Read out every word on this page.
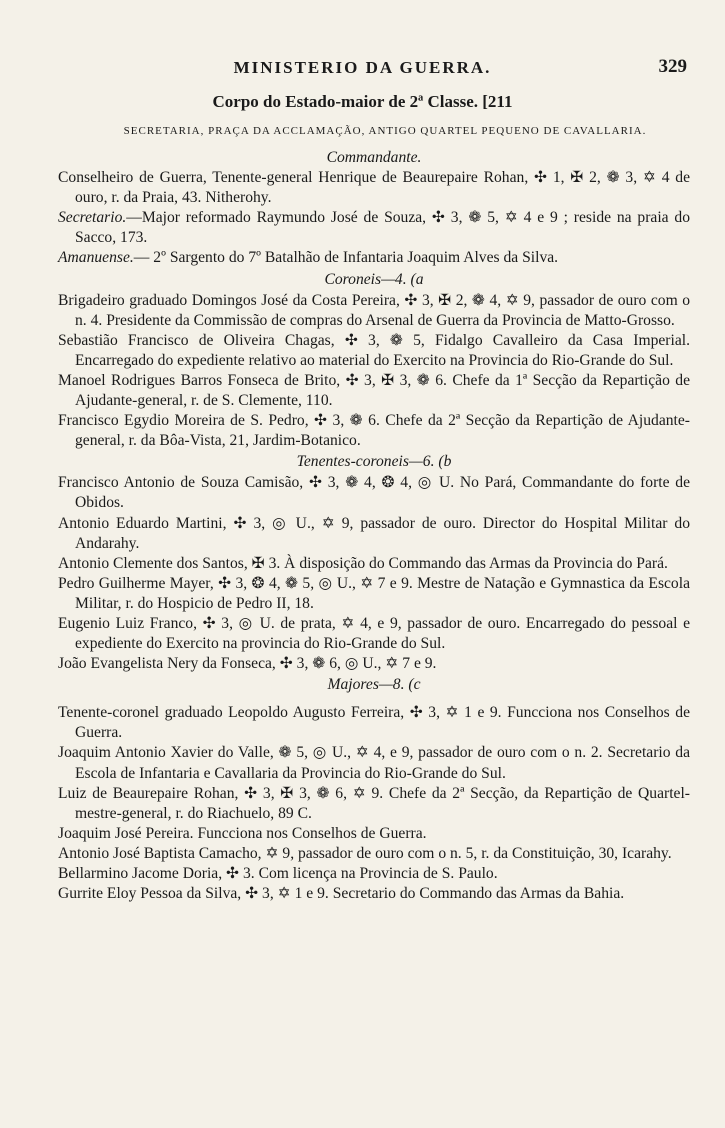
MINISTERIO DA GUERRA.	329
Corpo do Estado-maior de 2ª Classe. [211
SECRETARIA, PRAÇA DA ACCLAMAÇÃO, ANTIGO QUARTEL PEQUENO DE CAVALLARIA.
Commandante.
Conselheiro de Guerra, Tenente-general Henrique de Beaurepaire Rohan, ✣ 1, ✠ 2, ❁ 3, ✡ 4 de ouro, r. da Praia, 43. Nitherohy.
Secretario.—Major reformado Raymundo José de Souza, ✣ 3, ❁ 5, ✡ 4 e 9 ; reside na praia do Sacco, 173.
Amanuense.— 2º Sargento do 7º Batalhão de Infantaria Joaquim Alves da Silva.
Coroneis—4. (a
Brigadeiro graduado Domingos José da Costa Pereira, ✣ 3, ✠ 2, ❁ 4, ✡ 9, passador de ouro com o n. 4. Presidente da Commissão de compras do Arsenal de Guerra da Provincia de Matto-Grosso.
Sebastião Francisco de Oliveira Chagas, ✣ 3, ❁ 5, Fidalgo Cavalleiro da Casa Imperial. Encarregado do expediente relativo ao material do Exercito na Provincia do Rio-Grande do Sul.
Manoel Rodrigues Barros Fonseca de Brito, ✣ 3, ✠ 3, ❁ 6. Chefe da 1ª Secção da Repartição de Ajudante-general, r. de S. Clemente, 110.
Francisco Egydio Moreira de S. Pedro, ✣ 3, ❁ 6. Chefe da 2ª Secção da Repartição de Ajudante-general, r. da Bôa-Vista, 21, Jardim-Botanico.
Tenentes-coroneis—6. (b
Francisco Antonio de Souza Camisão, ✣ 3, ❁ 4, ❂ 4, ◎ U. No Pará, Commandante do forte de Obidos.
Antonio Eduardo Martini, ✣ 3, ◎ U., ✡ 9, passador de ouro. Director do Hospital Militar do Andarahy.
Antonio Clemente dos Santos, ✠ 3. À disposição do Commando das Armas da Provincia do Pará.
Pedro Guilherme Mayer, ✣ 3, ❂ 4, ❁ 5, ◎ U., ✡ 7 e 9. Mestre de Natação e Gymnastica da Escola Militar, r. do Hospicio de Pedro II, 18.
Eugenio Luiz Franco, ✣ 3, ◎ U. de prata, ✡ 4, e 9, passador de ouro. Encarregado do pessoal e expediente do Exercito na provincia do Rio-Grande do Sul.
João Evangelista Nery da Fonseca, ✣ 3, ❁ 6, ◎ U., ✡ 7 e 9.
Majores—8. (c
Tenente-coronel graduado Leopoldo Augusto Ferreira, ✣ 3, ✡ 1 e 9. Funcciona nos Conselhos de Guerra.
Joaquim Antonio Xavier do Valle, ❁ 5, ◎ U., ✡ 4, e 9, passador de ouro com o n. 2. Secretario da Escola de Infantaria e Cavallaria da Provincia do Rio-Grande do Sul.
Luiz de Beaurepaire Rohan, ✣ 3, ✠ 3, ❁ 6, ✡ 9. Chefe da 2ª Secção, da Repartição de Quartel-mestre-general, r. do Riachuelo, 89 C.
Joaquim José Pereira. Funcciona nos Conselhos de Guerra.
Antonio José Baptista Camacho, ✡ 9, passador de ouro com o n. 5, r. da Constituição, 30, Icarahy.
Bellarmino Jacome Doria, ✣ 3. Com licença na Provincia de S. Paulo.
Gurrite Eloy Pessoa da Silva, ✣ 3, ✡ 1 e 9. Secretario do Commando das Armas da Bahia.
